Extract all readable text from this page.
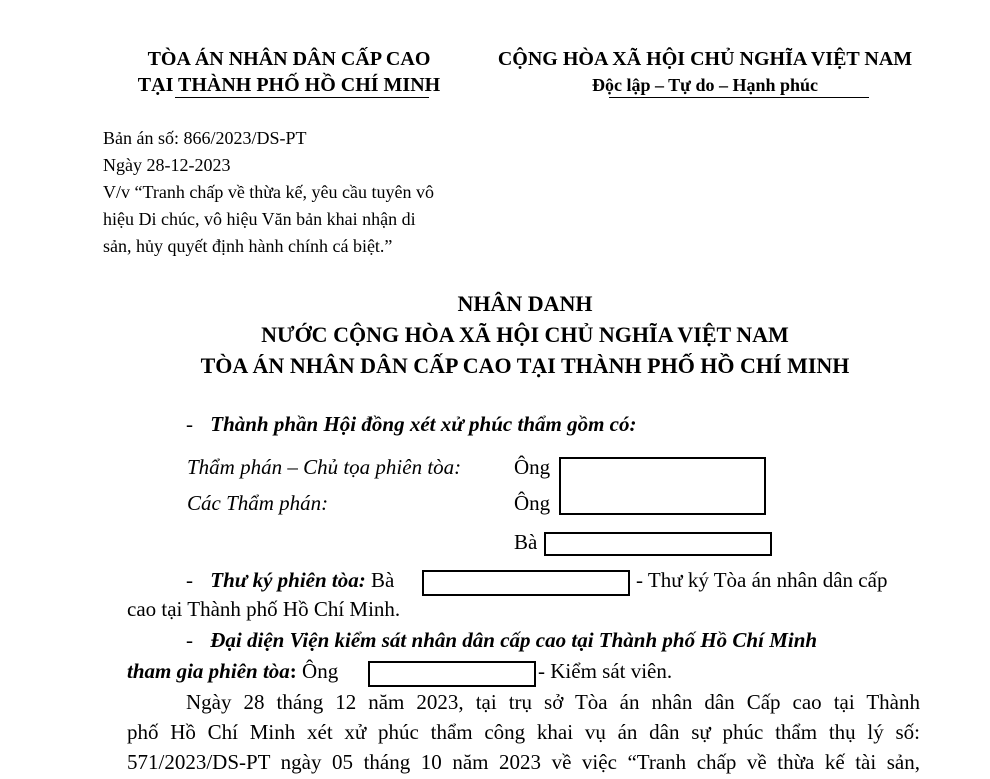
TÒA ÁN NHÂN DÂN CẤP CAO
TẠI THÀNH PHỐ HỒ CHÍ MINH
CỘNG HÒA XÃ HỘI CHỦ NGHĨA VIỆT NAM
Độc lập – Tự do – Hạnh phúc
Bản án số: 866/2023/DS-PT
Ngày 28-12-2023
V/v “Tranh chấp về thừa kế, yêu cầu tuyên vô
hiệu Di chúc, vô hiệu Văn bản khai nhận di
sản, hủy quyết định hành chính cá biệt.”
NHÂN DANH
NƯỚC CỘNG HÒA XÃ HỘI CHỦ NGHĨA VIỆT NAM
TÒA ÁN NHÂN DÂN CẤP CAO TẠI THÀNH PHỐ HỒ CHÍ MINH
- Thành phần Hội đồng xét xử phúc thẩm gồm có:
Thẩm phán – Chủ tọa phiên tòa:	Ông
Các Thẩm phán:	Ông
Bà
- Thư ký phiên tòa: Bà	- Thư ký Tòa án nhân dân cấp
cao tại Thành phố Hồ Chí Minh.
- Đại diện Viện kiểm sát nhân dân cấp cao tại Thành phố Hồ Chí Minh
tham gia phiên tòa: Ông	- Kiểm sát viên.
Ngày 28 tháng 12 năm 2023, tại trụ sở Tòa án nhân dân Cấp cao tại Thành
phố Hồ Chí Minh xét xử phúc thẩm công khai vụ án dân sự phúc thẩm thụ lý số:
571/2023/DS-PT ngày 05 tháng 10 năm 2023 về việc “Tranh chấp về thừa kế tài sản,
